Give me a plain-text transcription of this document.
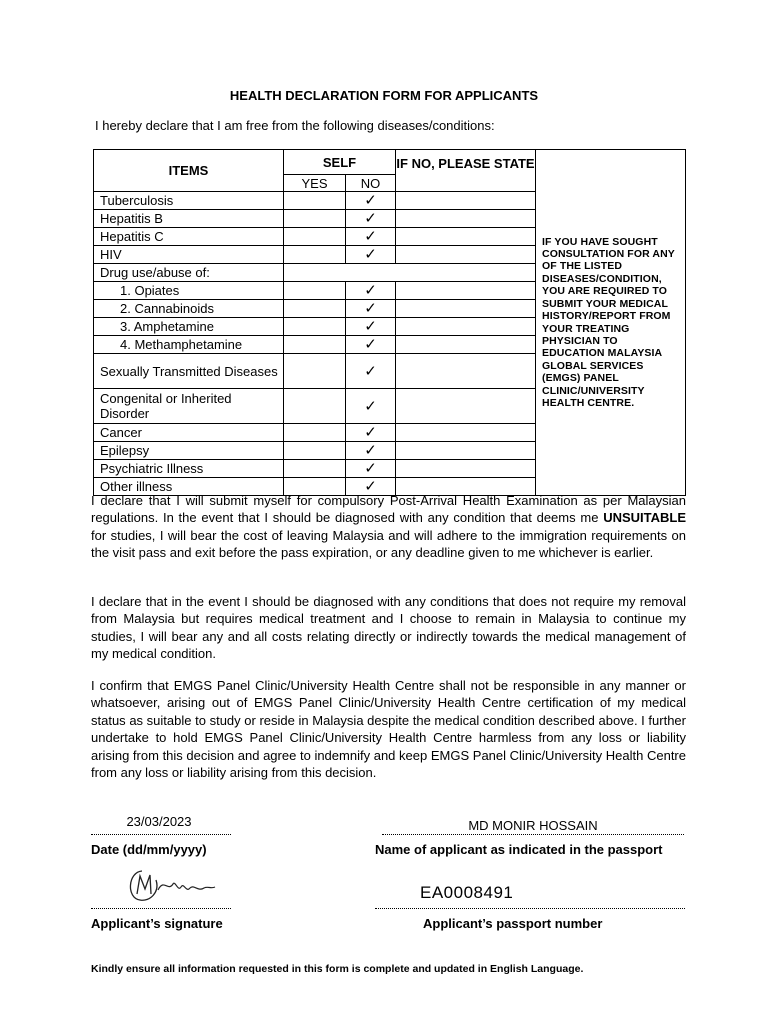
HEALTH DECLARATION FORM FOR APPLICANTS
I hereby declare that I am free from the following diseases/conditions:
ITEMS	SELF		IF NO, PLEASE STATE	IF YOU HAVE SOUGHT CONSULTATION FOR ANY OF THE LISTED DISEASES/CONDITION, YOU ARE REQUIRED TO SUBMIT YOUR MEDICAL HISTORY/REPORT FROM YOUR TREATING PHYSICIAN TO EDUCATION MALAYSIA GLOBAL SERVICES (EMGS) PANEL CLINIC/UNIVERSITY HEALTH CENTRE.
	YES	NO		
Tuberculosis		✓		
Hepatitis B		✓		
Hepatitis C		✓		
HIV		✓		
Drug use/abuse of:				
1. Opiates		✓		
2. Cannabinoids		✓		
3. Amphetamine		✓		
4. Methamphetamine		✓		
Sexually Transmitted Diseases		✓		
Congenital or Inherited Disorder		✓		
Cancer		✓		
Epilepsy		✓		
Psychiatric Illness		✓		
Other illness		✓		
I declare that I will submit myself for compulsory Post-Arrival Health Examination as per Malaysian regulations. In the event that I should be diagnosed with any condition that deems me UNSUITABLE for studies, I will bear the cost of leaving Malaysia and will adhere to the immigration requirements on the visit pass and exit before the pass expiration, or any deadline given to me whichever is earlier.
I declare that in the event I should be diagnosed with any conditions that does not require my removal from Malaysia but requires medical treatment and I choose to remain in Malaysia to continue my studies, I will bear any and all costs relating directly or indirectly towards the medical management of my medical condition.
I confirm that EMGS Panel Clinic/University Health Centre shall not be responsible in any manner or whatsoever, arising out of EMGS Panel Clinic/University Health Centre certification of my medical status as suitable to study or reside in Malaysia despite the medical condition described above. I further undertake to hold EMGS Panel Clinic/University Health Centre harmless from any loss or liability arising from this decision and agree to indemnify and keep EMGS Panel Clinic/University Health Centre from any loss or liability arising from this decision.
23/03/2023
Date (dd/mm/yyyy)
MD MONIR HOSSAIN
Name of applicant as indicated in the passport
Applicant’s signature
EA0008491
Applicant’s passport number
Kindly ensure all information requested in this form is complete and updated in English Language.
